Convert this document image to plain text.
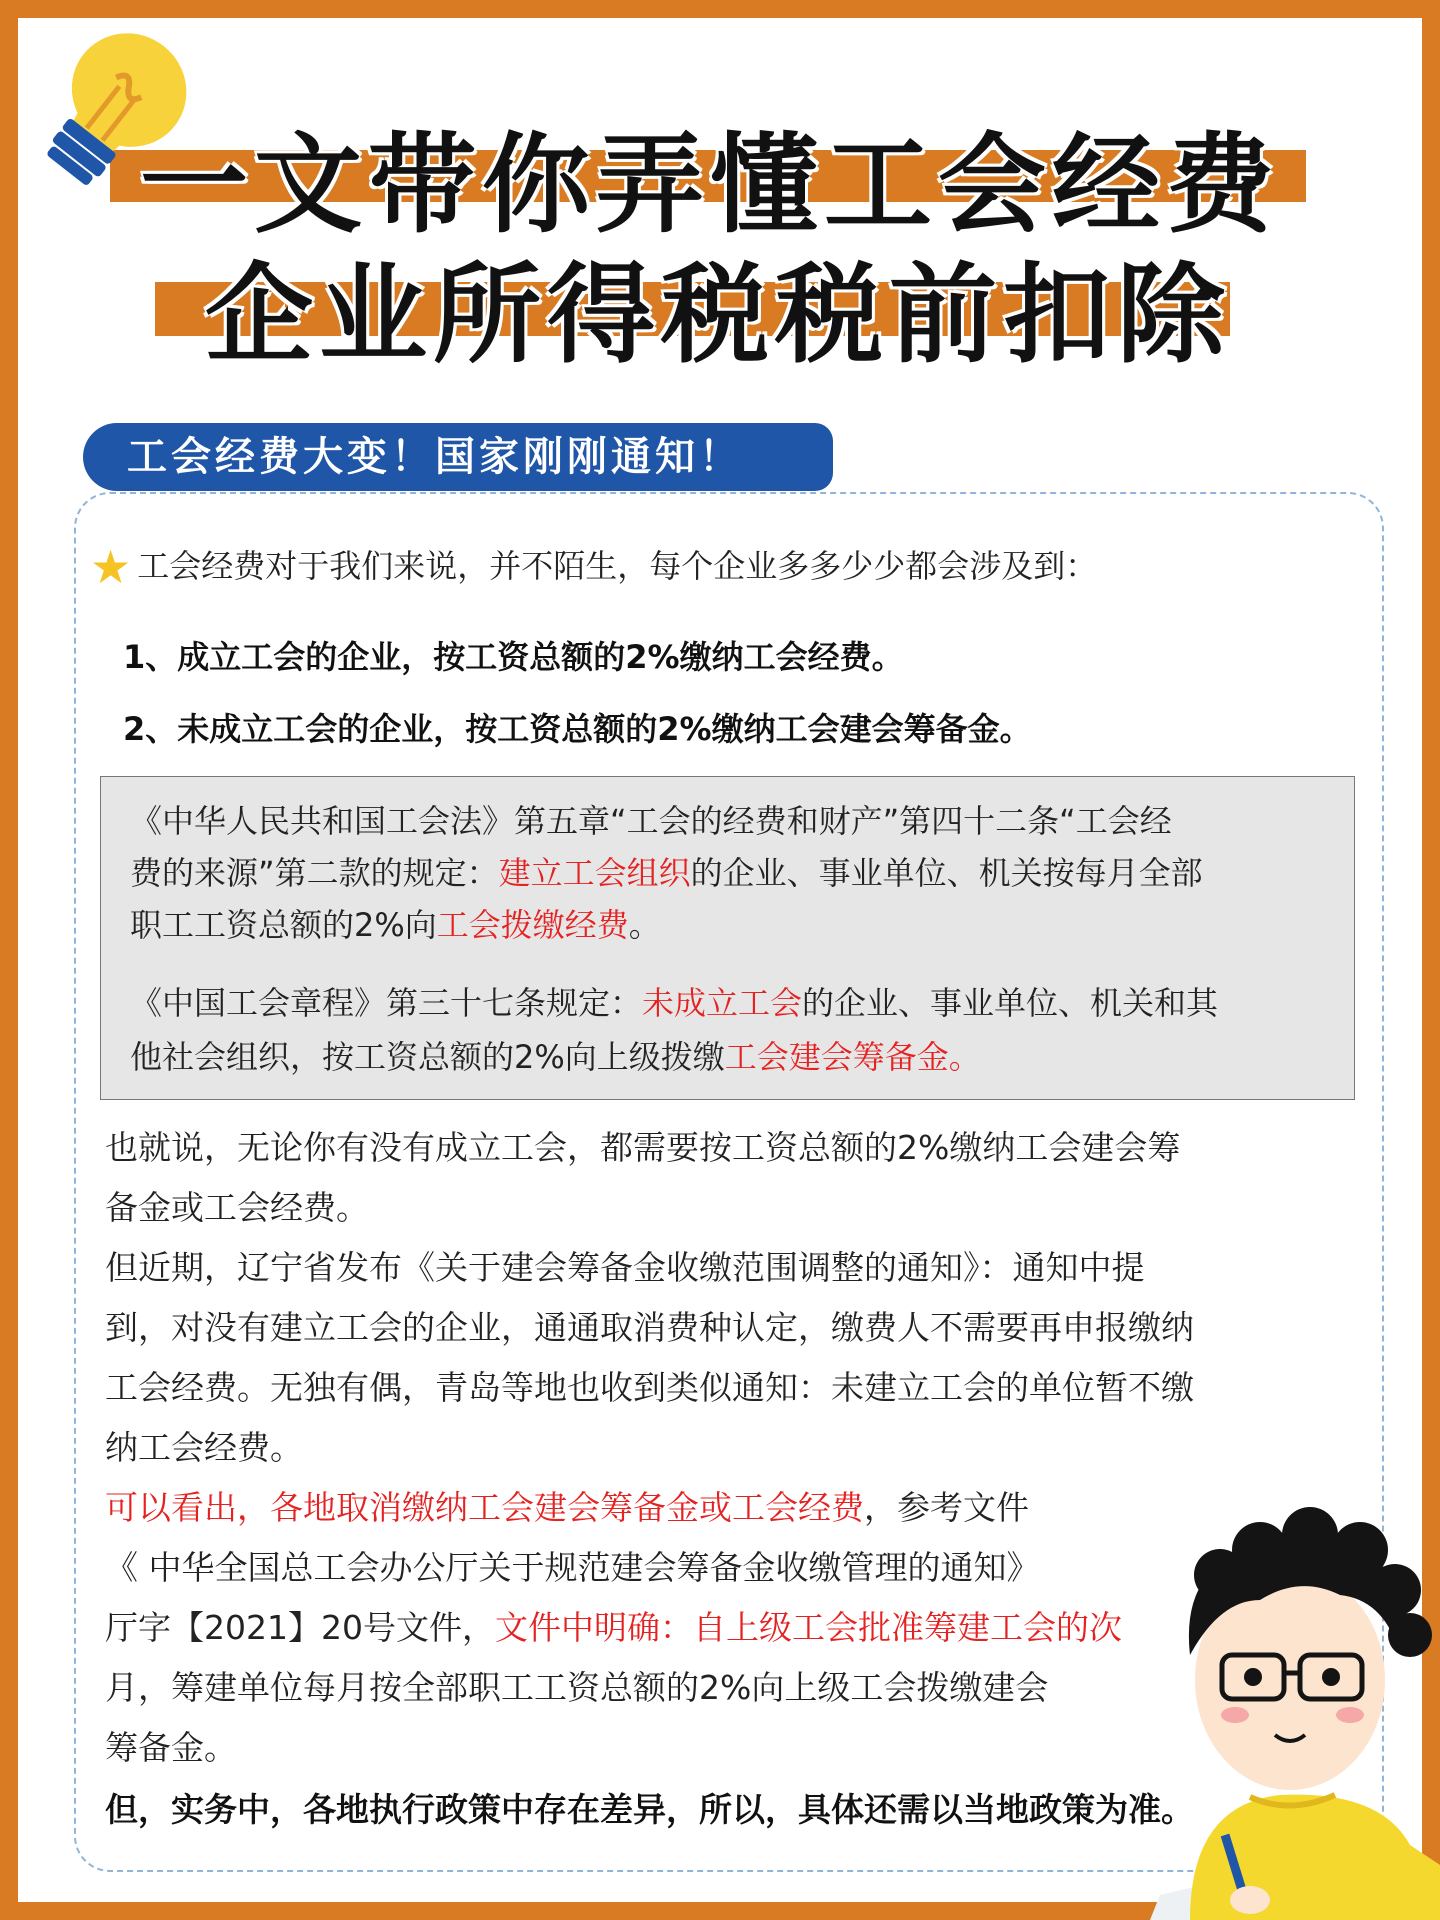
一文带你弄懂工会经费
企业所得税税前扣除
工会经费大变！国家刚刚通知！
★ 工会经费对于我们来说，并不陌生，每个企业多多少少都会涉及到：
1、成立工会的企业，按工资总额的2%缴纳工会经费。
2、未成立工会的企业，按工资总额的2%缴纳工会建会筹备金。
《中华人民共和国工会法》第五章“工会的经费和财产”第四十二条“工会经
费的来源”第二款的规定：建立工会组织的企业、事业单位、机关按每月全部
职工工资总额的2%向工会拨缴经费。
《中国工会章程》第三十七条规定：未成立工会的企业、事业单位、机关和其
他社会组织，按工资总额的2%向上级拨缴工会建会筹备金。
也就说，无论你有没有成立工会，都需要按工资总额的2%缴纳工会建会筹
备金或工会经费。
但近期，辽宁省发布《关于建会筹备金收缴范围调整的通知》：通知中提
到，对没有建立工会的企业，通通取消费种认定，缴费人不需要再申报缴纳
工会经费。无独有偶，青岛等地也收到类似通知：未建立工会的单位暂不缴
纳工会经费。
可以看出，各地取消缴纳工会建会筹备金或工会经费，参考文件
《 中华全国总工会办公厅关于规范建会筹备金收缴管理的通知》
厅字【2021】20号文件，文件中明确：自上级工会批准筹建工会的次
月，筹建单位每月按全部职工工资总额的2%向上级工会拨缴建会
筹备金。
但，实务中，各地执行政策中存在差异，所以，具体还需以当地政策为准。
